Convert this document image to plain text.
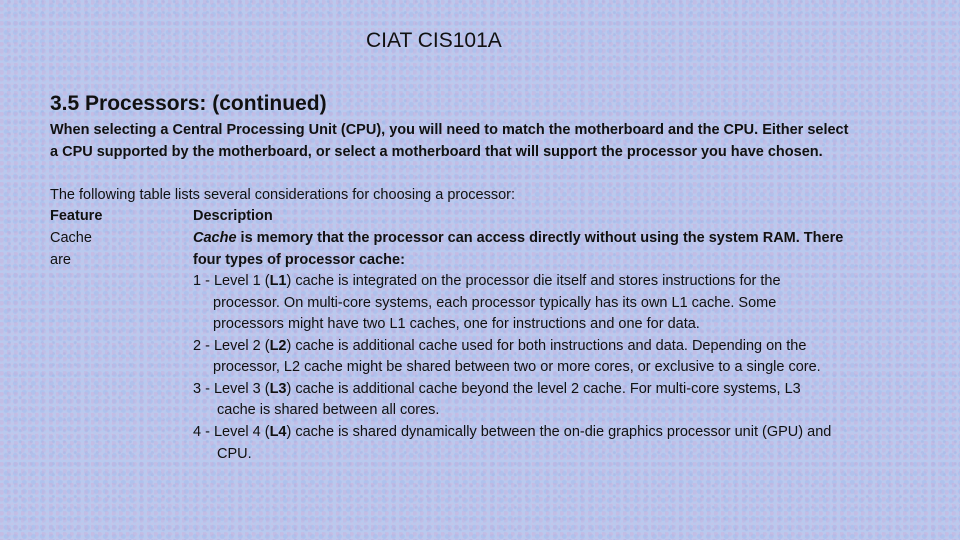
CIAT CIS101A
3.5 Processors: (continued)
When selecting a Central Processing Unit (CPU), you will need to match the motherboard and the CPU. Either select
a CPU supported by the motherboard, or select a motherboard that will support the processor you have chosen.
The following table lists several considerations for choosing a processor:
Feature	Description
Cache
are
Cache is memory that the processor can access directly without using the system RAM. There
four types of processor cache:
1 - Level 1 (L1) cache is integrated on the processor die itself and stores instructions for the
processor. On multi-core systems, each processor typically has its own L1 cache. Some
processors might have two L1 caches, one for instructions and one for data.
2 - Level 2 (L2) cache is additional cache used for both instructions and data. Depending on the
processor, L2 cache might be shared between two or more cores, or exclusive to a single core.
3 - Level 3 (L3) cache is additional cache beyond the level 2 cache. For multi-core systems, L3
cache is shared between all cores.
4 - Level 4 (L4) cache is shared dynamically between the on-die graphics processor unit (GPU) and
CPU.
